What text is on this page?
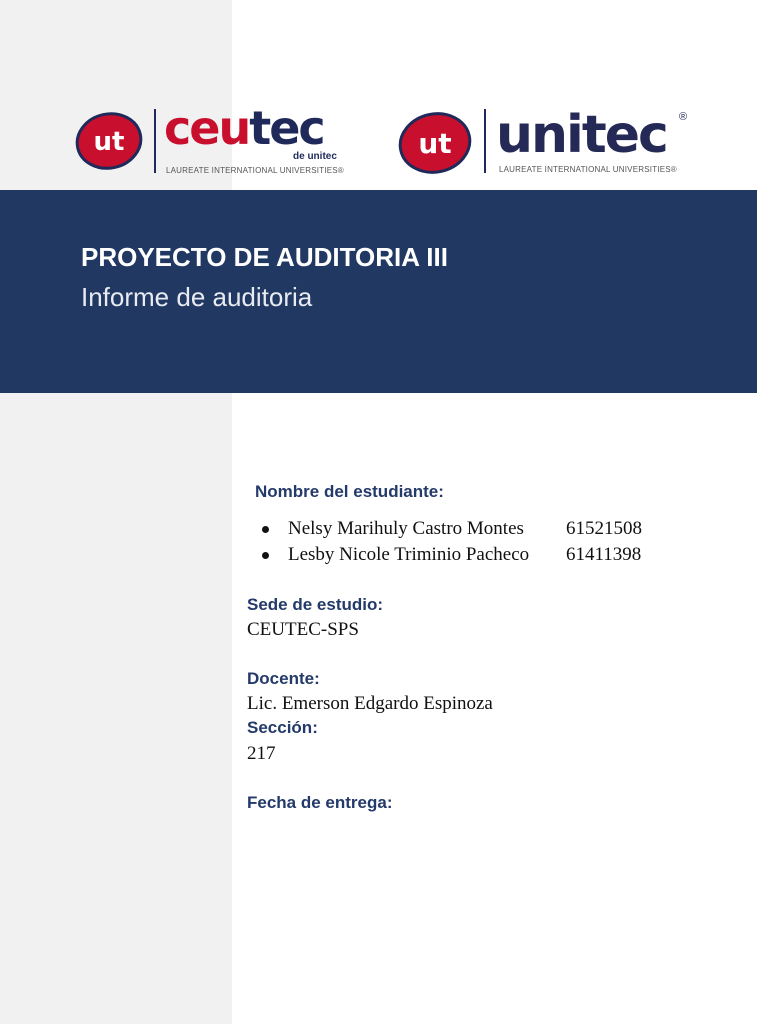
ut ceutec
de unitec
LAUREATE INTERNATIONAL UNIVERSITIES®
ut unitec ®
LAUREATE INTERNATIONAL UNIVERSITIES®
PROYECTO DE AUDITORIA III
Informe de auditoria

Nombre del estudiante:

Nelsy Marihuly Castro Montes	61521508
Lesby Nicole Triminio Pacheco	61411398

Sede de estudio:

CEUTEC-SPS

Docente:

Lic. Emerson Edgardo Espinoza

Sección:

217

Fecha de entrega:
